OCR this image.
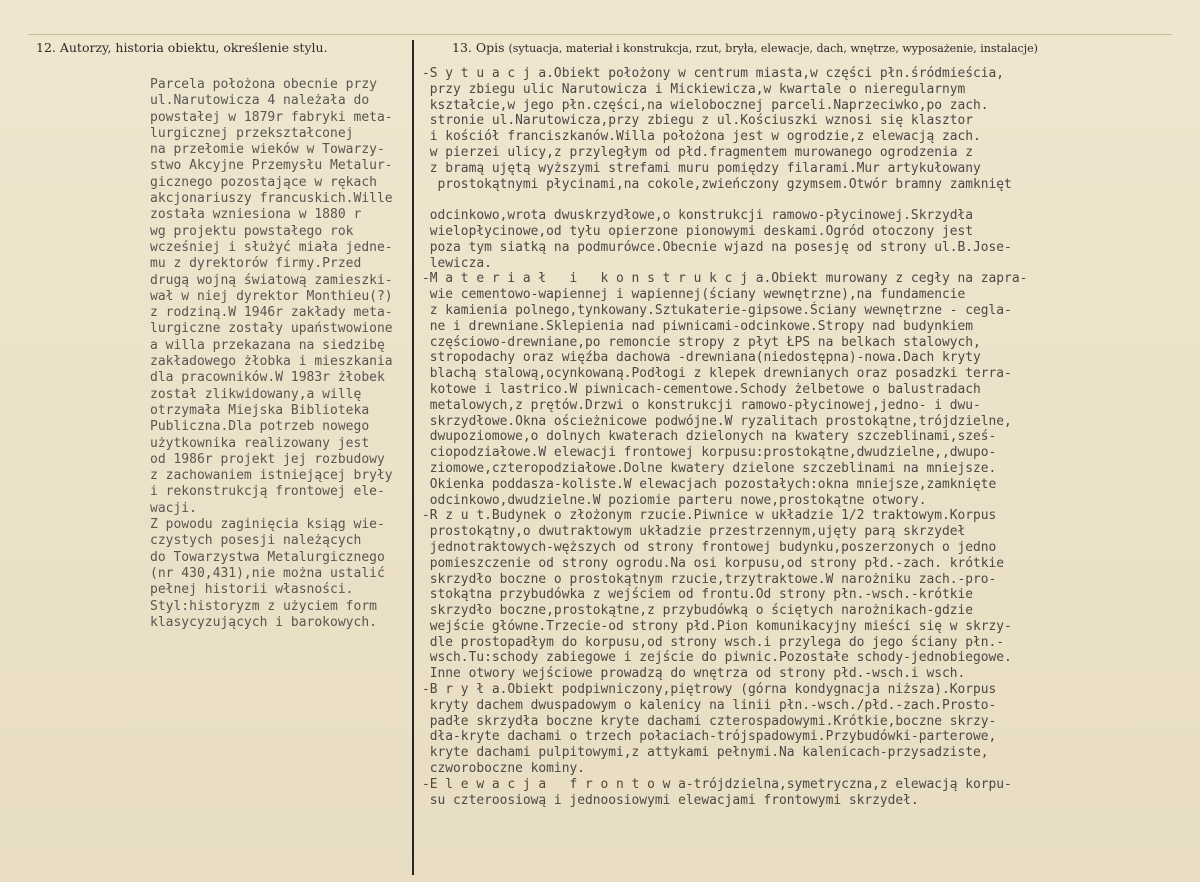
12. Autorzy, historia obiektu, określenie stylu.	13. Opis (sytuacja, materiał i konstrukcja, rzut, bryła, elewacje, dach, wnętrze, wyposażenie, instalacje)
Parcela położona obecnie przy
ul.Narutowicza 4 należała do
powstałej w 1879r fabryki meta-
lurgicznej przekształconej
na przełomie wieków w Towarzy-
stwo Akcyjne Przemysłu Metalur-
gicznego pozostające w rękach
akcjonariuszy francuskich.Wille
została wzniesiona w 1880 r
wg projektu powstałego rok
wcześniej i służyć miała jedne-
mu z dyrektorów firmy.Przed
drugą wojną światową zamieszki-
wał w niej dyrektor Monthieu(?)
z rodziną.W 1946r zakłady meta-
lurgiczne zostały upaństwowione
a willa przekazana na siedzibę
zakładowego żłobka i mieszkania
dla pracowników.W 1983r żłobek
został zlikwidowany,a willę
otrzymała Miejska Biblioteka
Publiczna.Dla potrzeb nowego
użytkownika realizowany jest
od 1986r projekt jej rozbudowy
z zachowaniem istniejącej bryły
i rekonstrukcją frontowej ele-
wacji.
Z powodu zaginięcia ksiąg wie-
czystych posesji należących
do Towarzystwa Metalurgicznego
(nr 430,431),nie można ustalić
pełnej historii własności.
Styl:historyzm z użyciem form
klasycyzujących i barokowych.
-S y t u a c j a.Obiekt położony w centrum miasta,w części płn.śródmieścia,
przy zbiegu ulic Narutowicza i Mickiewicza,w kwartale o nieregularnym
kształcie,w jego płn.części,na wielobocznej parceli.Naprzeciwko,po zach.
stronie ul.Narutowicza,przy zbiegu z ul.Kościuszki wznosi się klasztor
i kościół franciszkanów.Willa położona jest w ogrodzie,z elewacją zach.
w pierzei ulicy,z przyległym od płd.fragmentem murowanego ogrodzenia z
z bramą ujętą wyższymi strefami muru pomiędzy filarami.Mur artykułowany
prostokątnymi płycinami,na cokole,zwieńczony gzymsem.Otwór bramny zamknięt
odcinkowo,wrota dwuskrzydłowe,o konstrukcji ramowo-płycinowej.Skrzydła
wielopłycinowe,od tyłu opierzone pionowymi deskami.Ogród otoczony jest
poza tym siatką na podmurówce.Obecnie wjazd na posesję od strony ul.B.Jose-
lewicza.
-M a t e r i a ł   i   k o n s t r u k c j a.Obiekt murowany z cegły na zapra-
wie cementowo-wapiennej i wapiennej(ściany wewnętrzne),na fundamencie
z kamienia polnego,tynkowany.Sztukaterie-gipsowe.Ściany wewnętrzne - cegla-
ne i drewniane.Sklepienia nad piwnicami-odcinkowe.Stropy nad budynkiem
częściowo-drewniane,po remoncie stropy z płyt ŁPS na belkach stalowych,
stropodachy oraz więźba dachowa -drewniana(niedostępna)-nowa.Dach kryty
blachą stalową,ocynkowaną.Podłogi z klepek drewnianych oraz posadzki terra-
kotowe i lastrico.W piwnicach-cementowe.Schody żelbetowe o balustradach
metalowych,z prętów.Drzwi o konstrukcji ramowo-płycinowej,jedno- i dwu-
skrzydłowe.Okna ościeżnicowe podwójne.W ryzalitach prostokątne,trójdzielne,
dwupoziomowe,o dolnych kwaterach dzielonych na kwatery szczeblinami,sześ-
ciopodziałowe.W elewacji frontowej korpusu:prostokątne,dwudzielne,,dwupo-
ziomowe,czteropodziałowe.Dolne kwatery dzielone szczeblinami na mniejsze.
Okienka poddasza-koliste.W elewacjach pozostałych:okna mniejsze,zamknięte
odcinkowo,dwudzielne.W poziomie parteru nowe,prostokątne otwory.
-R z u t.Budynek o złożonym rzucie.Piwnice w układzie 1/2 traktowym.Korpus
prostokątny,o dwutraktowym układzie przestrzennym,ujęty parą skrzydeł
jednotraktowych-węższych od strony frontowej budynku,poszerzonych o jedno
pomieszczenie od strony ogrodu.Na osi korpusu,od strony płd.-zach. krótkie
skrzydło boczne o prostokątnym rzucie,trzytraktowe.W narożniku zach.-pro-
stokątna przybudówka z wejściem od frontu.Od strony płn.-wsch.-krótkie
skrzydło boczne,prostokątne,z przybudówką o ściętych narożnikach-gdzie
wejście główne.Trzecie-od strony płd.Pion komunikacyjny mieści się w skrzy-
dle prostopadłym do korpusu,od strony wsch.i przylega do jego ściany płn.-
wsch.Tu:schody zabiegowe i zejście do piwnic.Pozostałe schody-jednobiegowe.
Inne otwory wejściowe prowadzą do wnętrza od strony płd.-wsch.i wsch.
-B r y ł a.Obiekt podpiwniczony,piętrowy (górna kondygnacja niższa).Korpus
kryty dachem dwuspadowym o kalenicy na linii płn.-wsch./płd.-zach.Prosto-
padłe skrzydła boczne kryte dachami czterospadowymi.Krótkie,boczne skrzy-
dła-kryte dachami o trzech połaciach-trójspadowymi.Przybudówki-parterowe,
kryte dachami pulpitowymi,z attykami pełnymi.Na kalenicach-przysadziste,
czworoboczne kominy.
-E l e w a c j a   f r o n t o w a-trójdzielna,symetryczna,z elewacją korpu-
su czteroosiową i jednoosiowymi elewacjami frontowymi skrzydeł.
